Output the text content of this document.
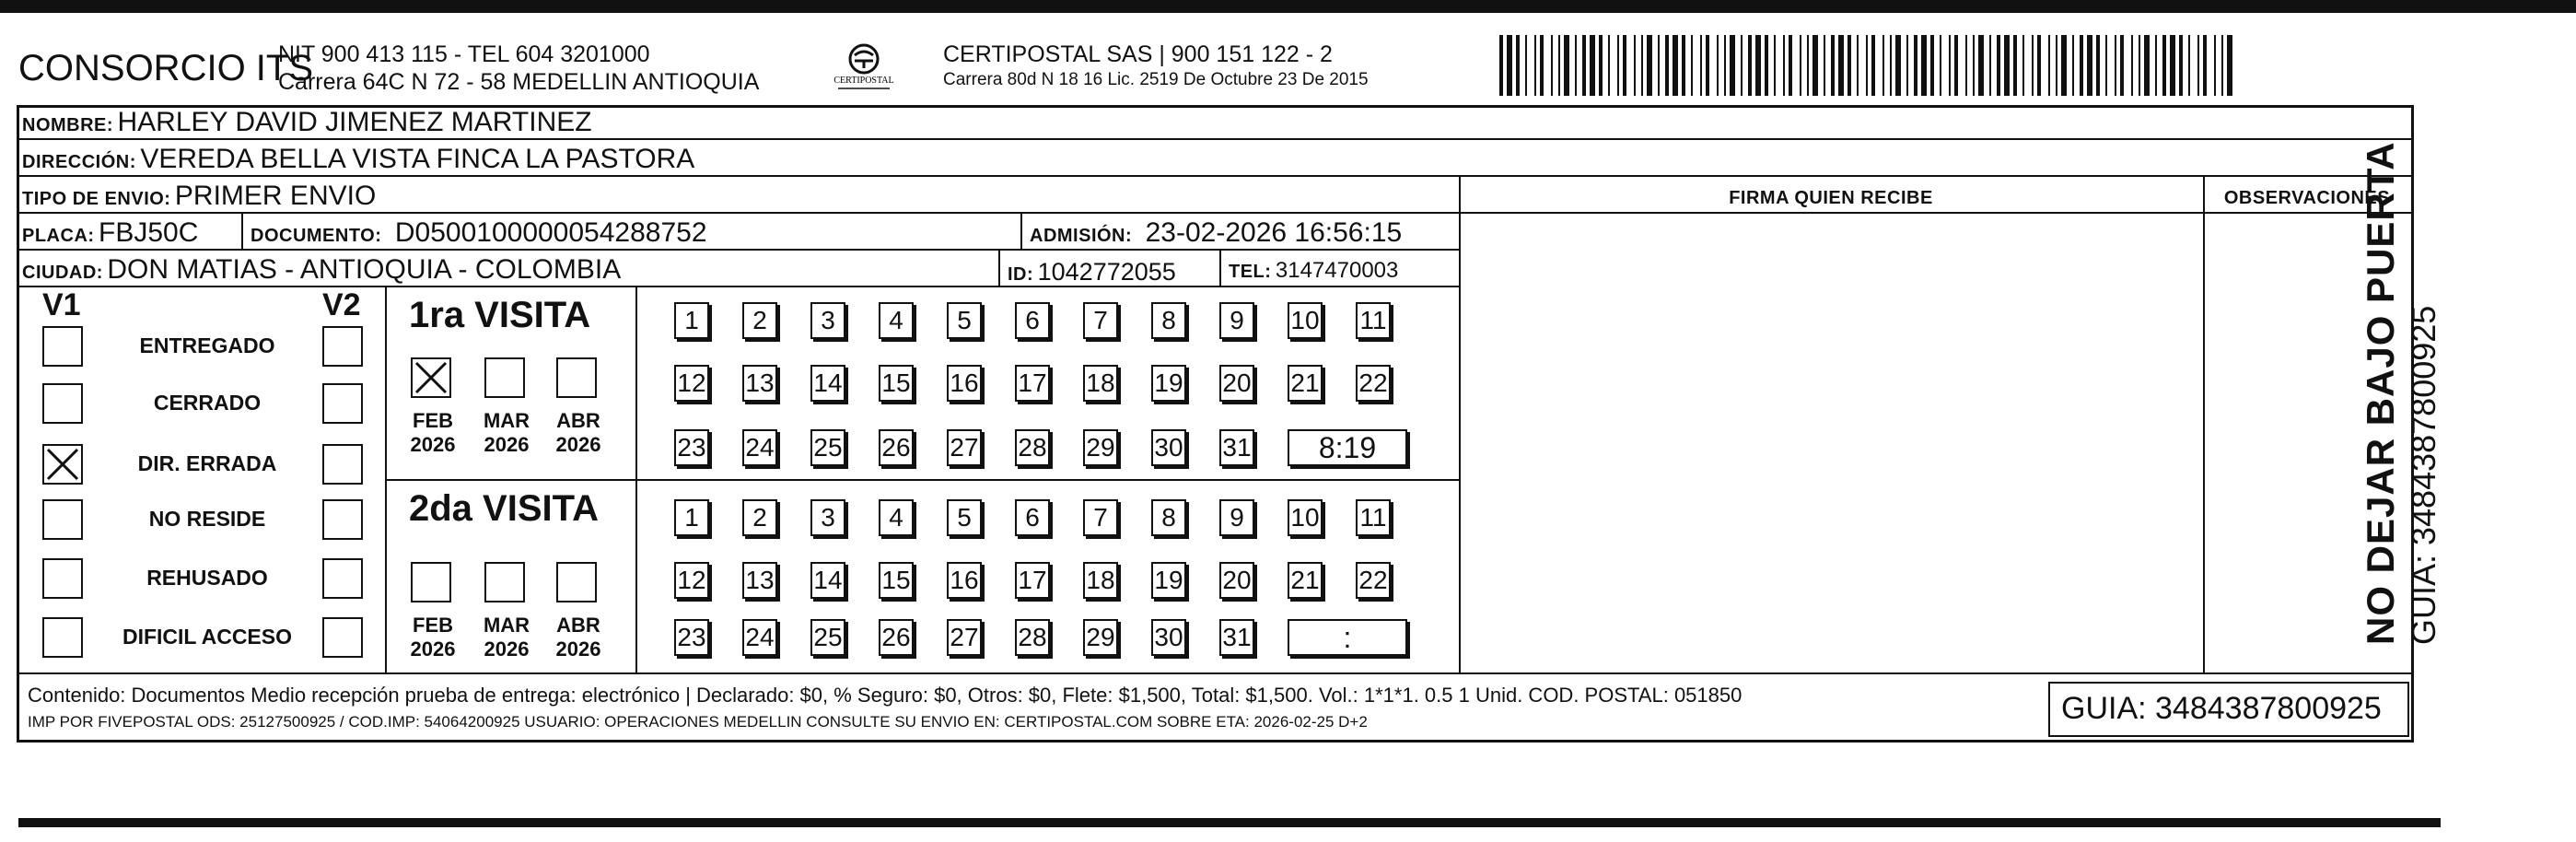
CONSORCIO ITS
NIT 900 413 115 - TEL 604 3201000
Carrera 64C N 72 - 58 MEDELLIN ANTIOQUIA	CERTIPOSTAL
CERTIPOSTAL SAS | 900 151 122 - 2
Carrera 80d N 18 16 Lic. 2519 De Octubre 23 De 2015
NOMBRE: HARLEY DAVID JIMENEZ MARTINEZ
DIRECCIÓN: VEREDA BELLA VISTA FINCA LA PASTORA
TIPO DE ENVIO: PRIMER ENVIO	FIRMA QUIEN RECIBE	OBSERVACIONES
PLACA: FBJ50C	DOCUMENTO: D0500100000054288752	ADMISIÓN: 23-02-2026 16:56:15
CIUDAD: DON MATIAS - ANTIOQUIA - COLOMBIA	ID: 1042772055	TEL: 3147470003
V1	V2 1ra VISITA
2da VISITA
Contenido: Documentos Medio recepción prueba de entrega: electrónico | Declarado: $0, % Seguro: $0, Otros: $0, Flete: $1,500, Total: $1,500. Vol.: 1*1*1. 0.5 1 Unid. COD. POSTAL: 051850
IMP POR FIVEPOSTAL ODS: 25127500925 / COD.IMP: 54064200925 USUARIO: OPERACIONES MEDELLIN CONSULTE SU ENVIO EN: CERTIPOSTAL.COM SOBRE ETA: 2026-02-25 D+2	GUIA: 3484387800925
NO DEJAR BAJO PUERTA GUIA: 3484387800925
ENTREGADO
CERRADO
DIR. ERRADA
NO RESIDE
REHUSADO
DIFICIL ACCESO
FEB
2026
MAR
2026
ABR
2026
FEB
2026
MAR
2026
ABR
2026
1	2	3	4	5	6	7	8	9	10 11
12 13 14 15 16 17 18 19 20 21 22
23 24 25 26 27 28 29 30 31	8:19
1	2	3	4	5	6	7	8	9	10 11
12 13 14 15 16 17 18 19 20 21 22
23 24 25 26 27 28 29 30 31	:
